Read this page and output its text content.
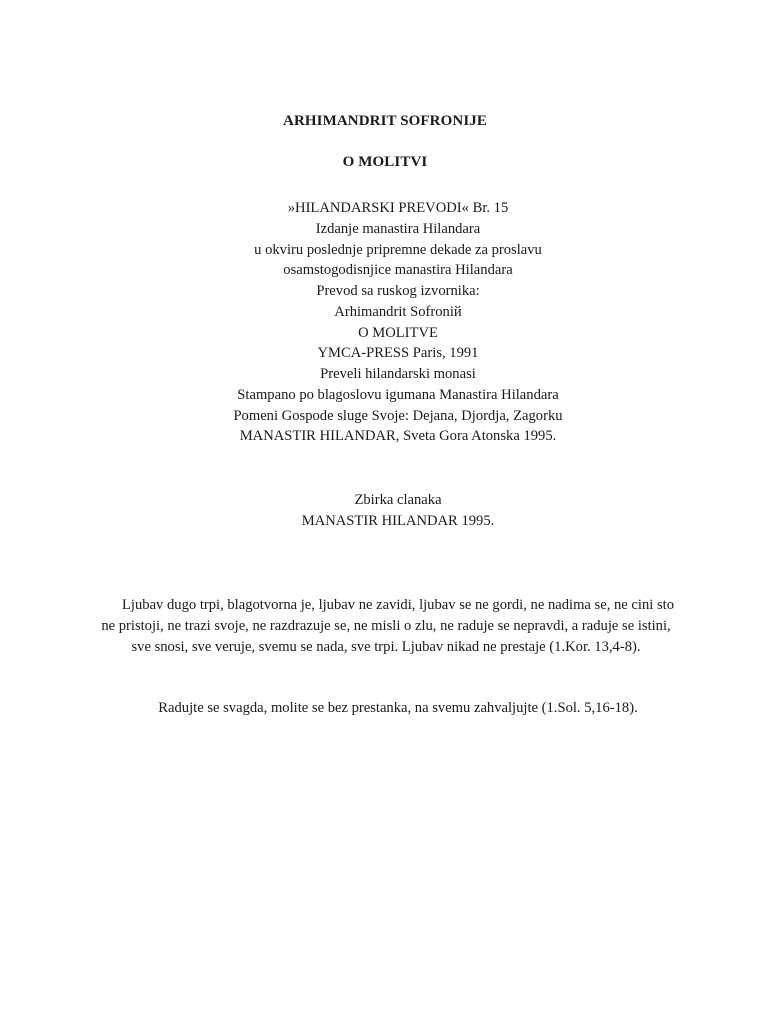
ARHIMANDRIT SOFRONIJE
O MOLITVI
»HILANDARSKI PREVODI« Br. 15
Izdanje manastira Hilandara
u okviru poslednje pripremne dekade za proslavu
osamstogodisnjice manastira Hilandara
Prevod sa ruskog izvornika:
Arhimandrit Sofroniй
O MOLITVE
YMCA-PRESS Paris, 1991
Preveli hilandarski monasi
Stampano po blagoslovu igumana Manastira Hilandara
Pomeni Gospode sluge Svoje: Dejana, Djordja, Zagorku
MANASTIR HILANDAR, Sveta Gora Atonska 1995.
Zbirka clanaka
MANASTIR HILANDAR 1995.
Ljubav dugo trpi, blagotvorna je, ljubav ne zavidi, ljubav se ne gordi, ne nadima se, ne cini sto ne pristoji, ne trazi svoje, ne razdrazuje se, ne misli o zlu, ne raduje se nepravdi, a raduje se istini, sve snosi, sve veruje, svemu se nada, sve trpi. Ljubav nikad ne prestaje (1.Kor. 13,4-8).
Radujte se svagda, molite se bez prestanka, na svemu zahvaljujte (1.Sol. 5,16-18).
